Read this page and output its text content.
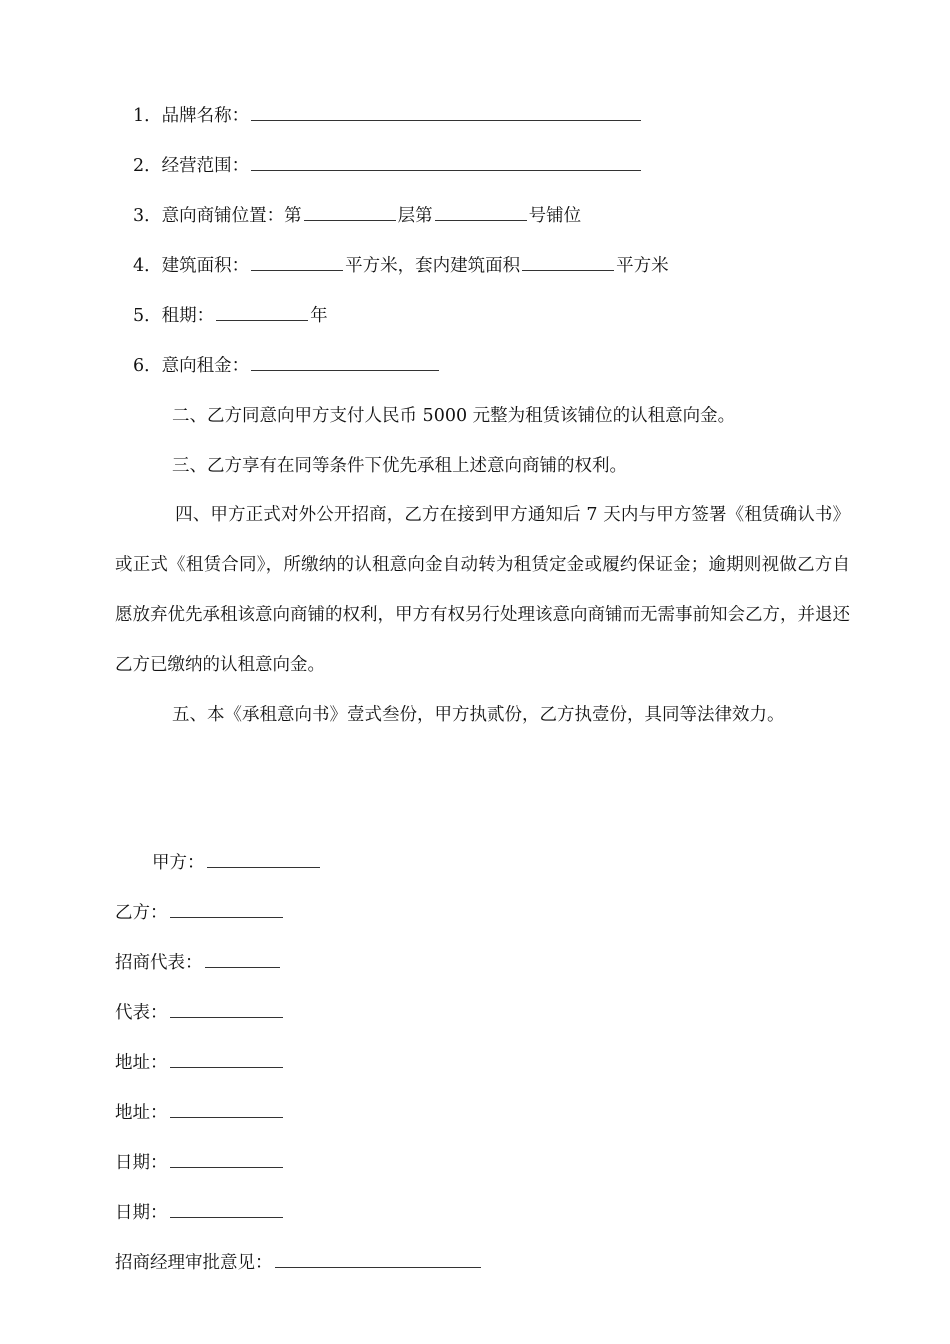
1．品牌名称：
2．经营范围：
3．意向商铺位置：第	层第	号铺位
4．建筑面积：	平方米，套内建筑面积	平方米
5．租期：	年
6．意向租金：
二、乙方同意向甲方支付人民币 5000 元整为租赁该铺位的认租意向金。
三、乙方享有在同等条件下优先承租上述意向商铺的权利。
四、甲方正式对外公开招商，乙方在接到甲方通知后 7 天内与甲方签署《租赁确认书》或正式《租赁合同》，所缴纳的认租意向金自动转为租赁定金或履约保证金；逾期则视做乙方自愿放弃优先承租该意向商铺的权利，甲方有权另行处理该意向商铺而无需事前知会乙方，并退还乙方已缴纳的认租意向金。
五、本《承租意向书》壹式叁份，甲方执贰份，乙方执壹份，具同等法律效力。
甲方：
乙方：
招商代表：
代表：
地址：
地址：
日期：
日期：
招商经理审批意见：
